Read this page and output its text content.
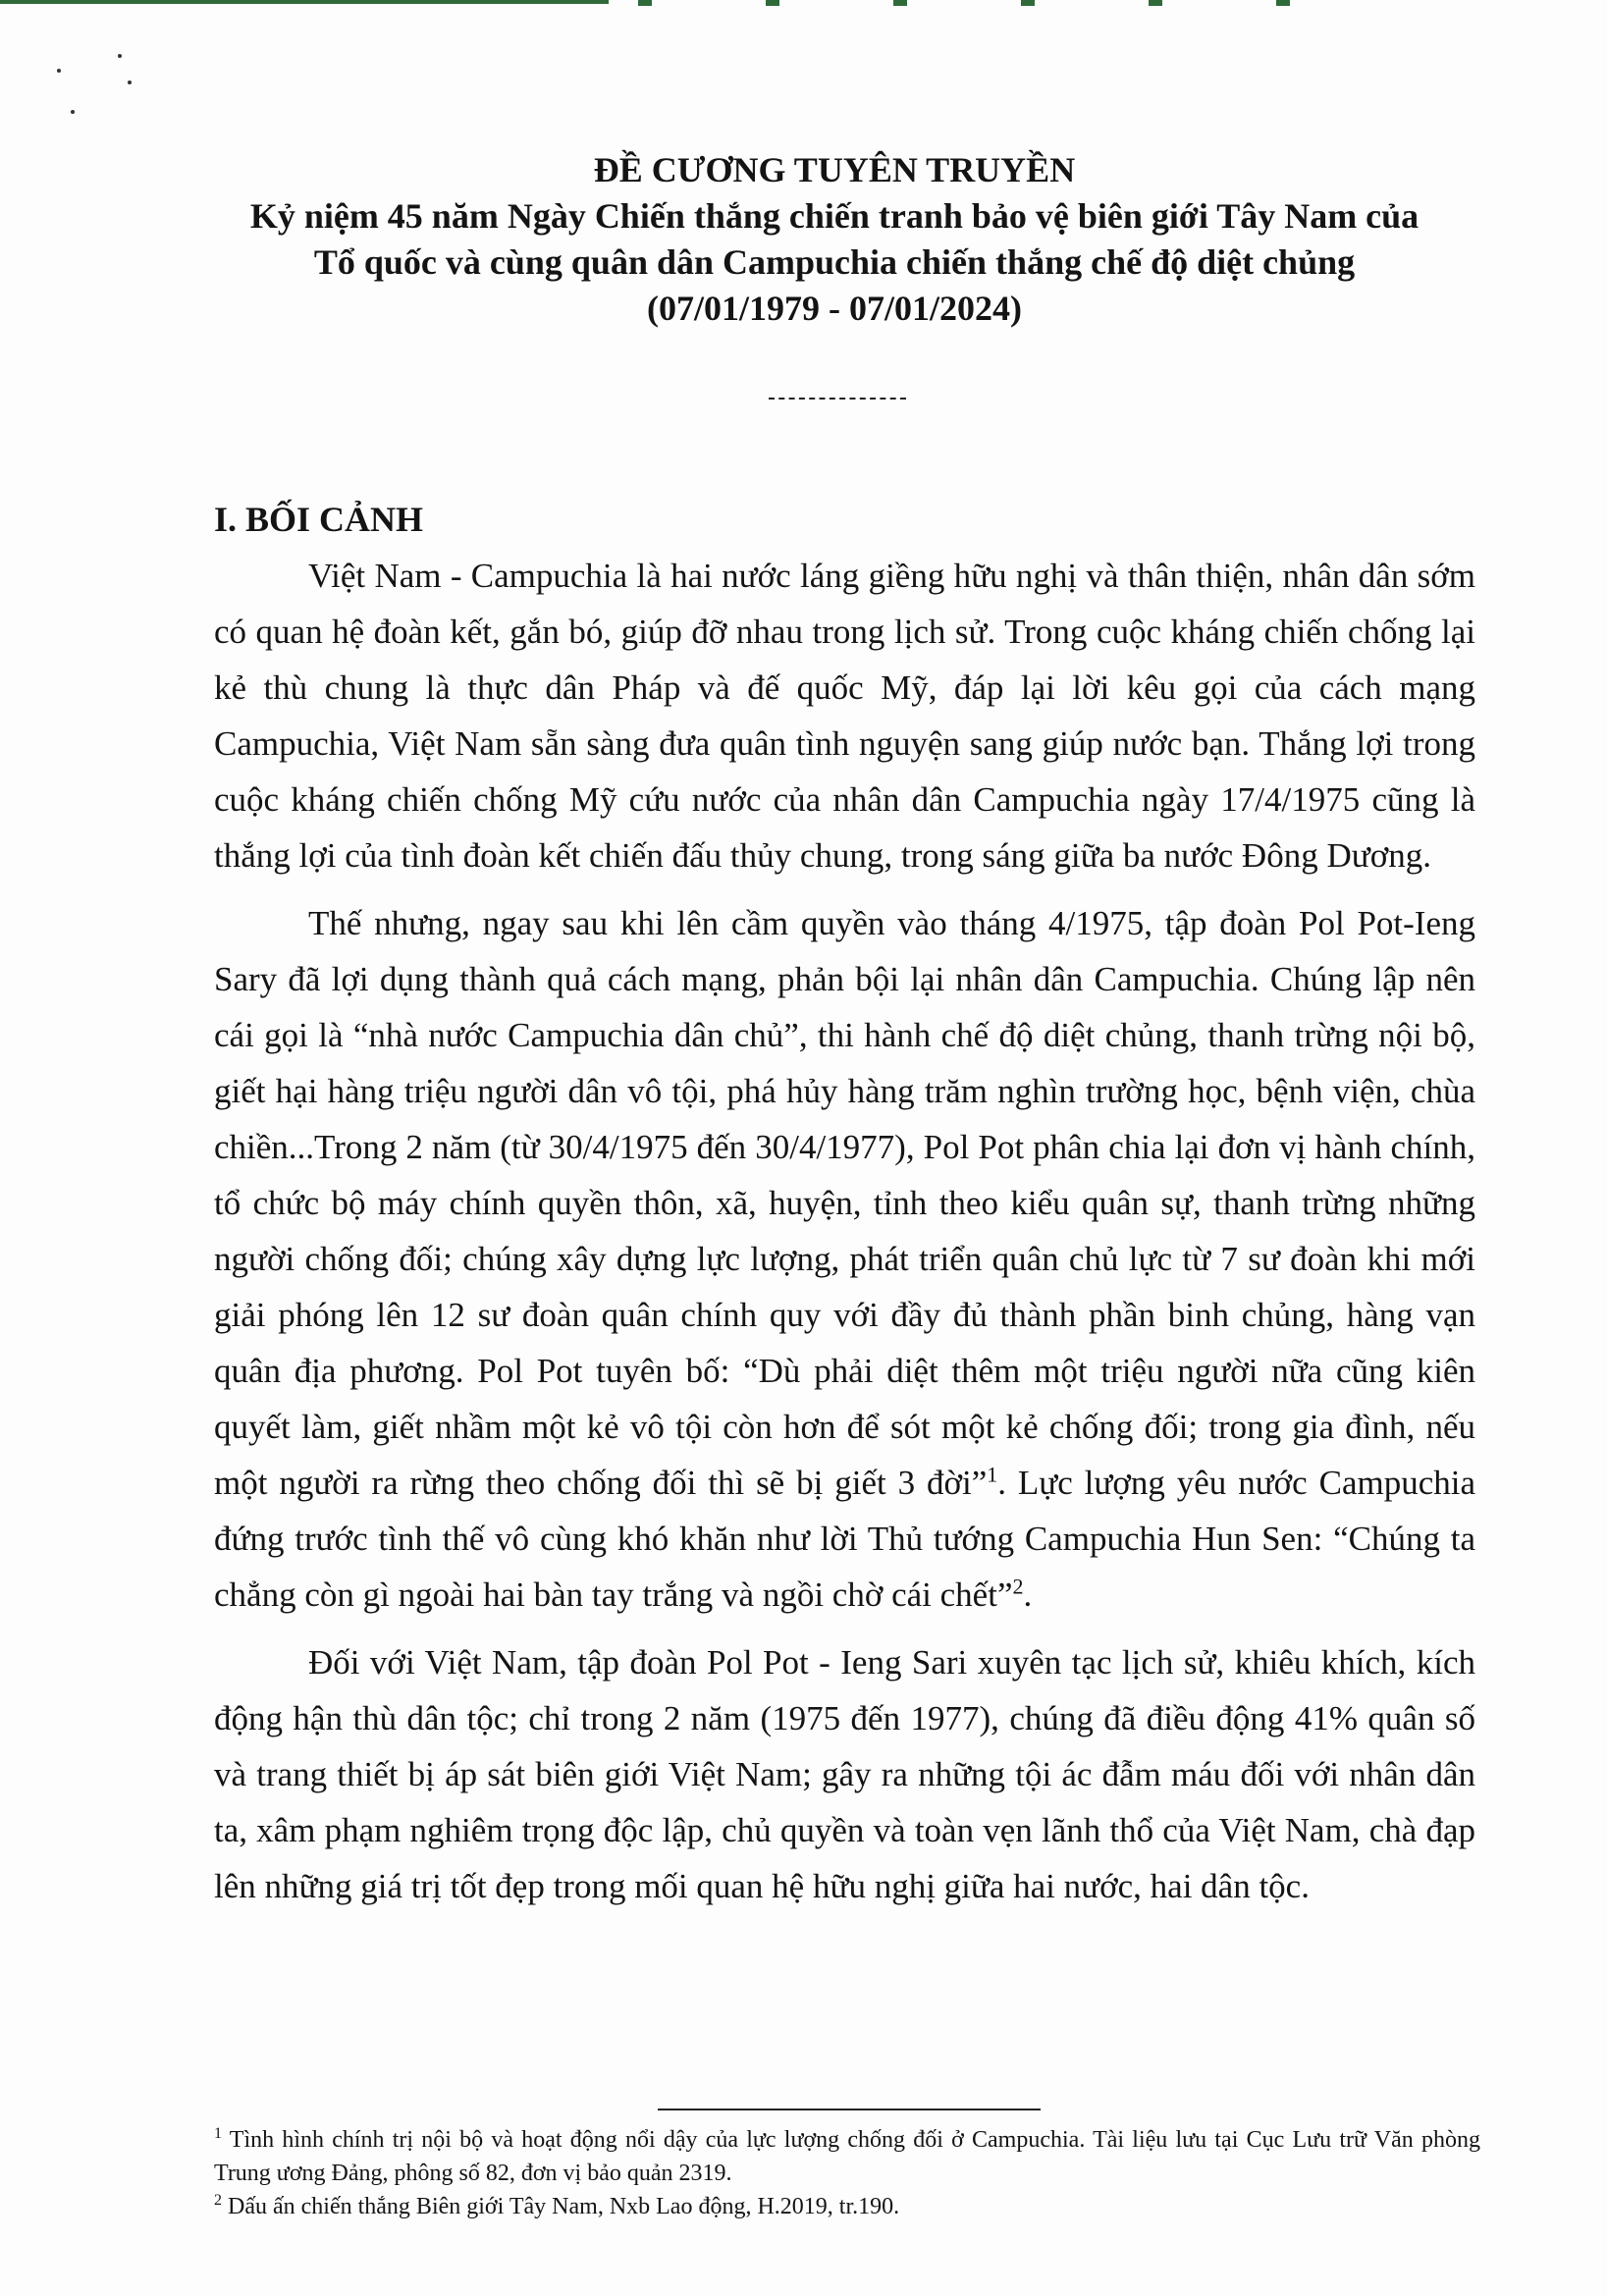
ĐỀ CƯƠNG TUYÊN TRUYỀN
Kỷ niệm 45 năm Ngày Chiến thắng chiến tranh bảo vệ biên giới Tây Nam của
Tổ quốc và cùng quân dân Campuchia chiến thắng chế độ diệt chủng
(07/01/1979 - 07/01/2024)
I. BỐI CẢNH

Việt Nam - Campuchia là hai nước láng giềng hữu nghị và thân thiện, nhân dân sớm có quan hệ đoàn kết, gắn bó, giúp đỡ nhau trong lịch sử. Trong cuộc kháng chiến chống lại kẻ thù chung là thực dân Pháp và đế quốc Mỹ, đáp lại lời kêu gọi của cách mạng Campuchia, Việt Nam sẵn sàng đưa quân tình nguyện sang giúp nước bạn. Thắng lợi trong cuộc kháng chiến chống Mỹ cứu nước của nhân dân Campuchia ngày 17/4/1975 cũng là thắng lợi của tình đoàn kết chiến đấu thủy chung, trong sáng giữa ba nước Đông Dương.

Thế nhưng, ngay sau khi lên cầm quyền vào tháng 4/1975, tập đoàn Pol Pot-Ieng Sary đã lợi dụng thành quả cách mạng, phản bội lại nhân dân Campuchia. Chúng lập nên cái gọi là “nhà nước Campuchia dân chủ”, thi hành chế độ diệt chủng, thanh trừng nội bộ, giết hại hàng triệu người dân vô tội, phá hủy hàng trăm nghìn trường học, bệnh viện, chùa chiền...Trong 2 năm (từ 30/4/1975 đến 30/4/1977), Pol Pot phân chia lại đơn vị hành chính, tổ chức bộ máy chính quyền thôn, xã, huyện, tỉnh theo kiểu quân sự, thanh trừng những người chống đối; chúng xây dựng lực lượng, phát triển quân chủ lực từ 7 sư đoàn khi mới giải phóng lên 12 sư đoàn quân chính quy với đầy đủ thành phần binh chủng, hàng vạn quân địa phương. Pol Pot tuyên bố: “Dù phải diệt thêm một triệu người nữa cũng kiên quyết làm, giết nhầm một kẻ vô tội còn hơn để sót một kẻ chống đối; trong gia đình, nếu một người ra rừng theo chống đối thì sẽ bị giết 3 đời”$^1$. Lực lượng yêu nước Campuchia đứng trước tình thế vô cùng khó khăn như lời Thủ tướng Campuchia Hun Sen: “Chúng ta chẳng còn gì ngoài hai bàn tay trắng và ngồi chờ cái chết”$^2$.

Đối với Việt Nam, tập đoàn Pol Pot - Ieng Sari xuyên tạc lịch sử, khiêu khích, kích động hận thù dân tộc; chỉ trong 2 năm (1975 đến 1977), chúng đã điều động 41% quân số và trang thiết bị áp sát biên giới Việt Nam; gây ra những tội ác đẫm máu đối với nhân dân ta, xâm phạm nghiêm trọng độc lập, chủ quyền và toàn vẹn lãnh thổ của Việt Nam, chà đạp lên những giá trị tốt đẹp trong mối quan hệ hữu nghị giữa hai nước, hai dân tộc.

$^1$ Tình hình chính trị nội bộ và hoạt động nổi dậy của lực lượng chống đối ở Campuchia. Tài liệu lưu tại Cục Lưu trữ Văn phòng Trung ương Đảng, phông số 82, đơn vị bảo quản 2319.

$^2$ Dấu ấn chiến thắng Biên giới Tây Nam, Nxb Lao động, H.2019, tr.190.
